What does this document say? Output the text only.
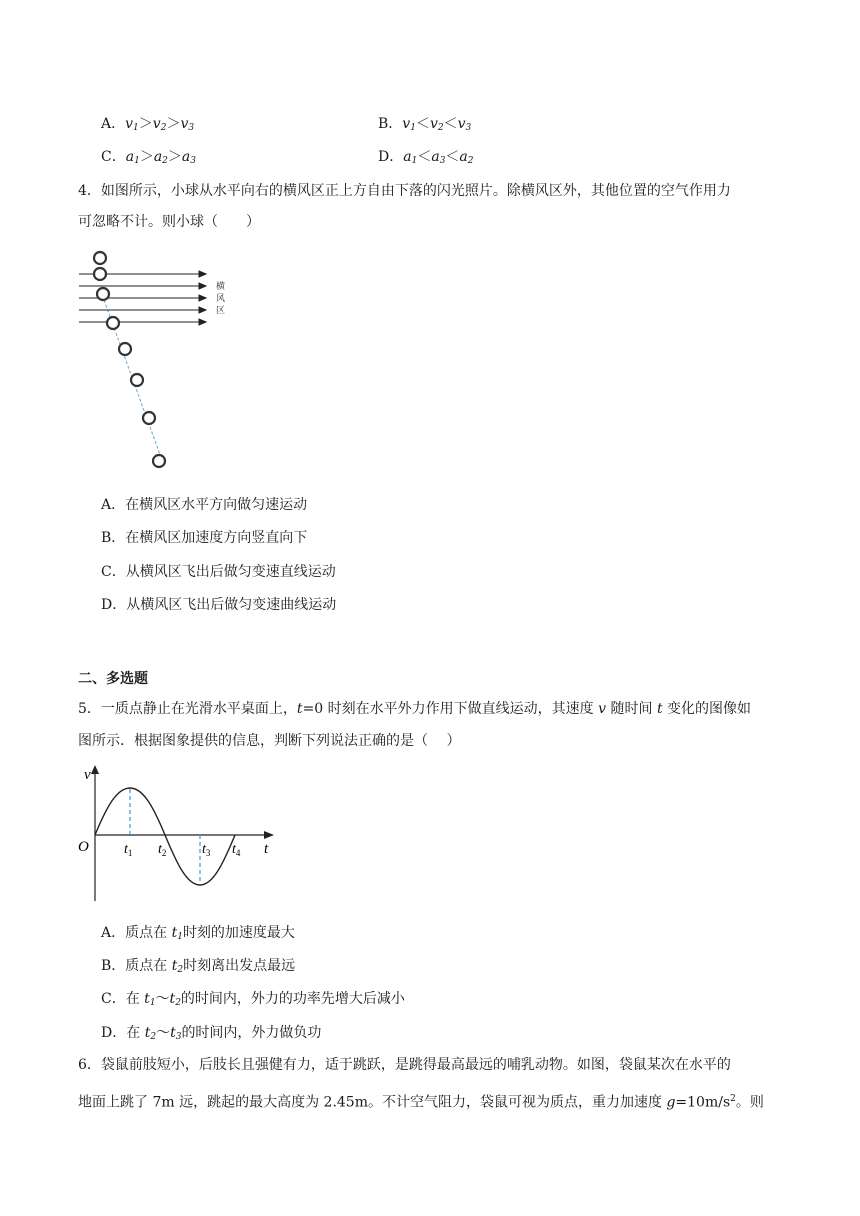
A．$v_1>v_2>v_3$	B．$v_1<v_2<v_3$
C．$a_1>a_2>a_3$	D．$a_1<a_3<a_2$
4．如图所示，小球从水平向右的横风区正上方自由下落的闪光照片。除横风区外，其他位置的空气作用力
可忽略不计。则小球（　　）
横
风
区
A．在横风区水平方向做匀速运动
B．在横风区加速度方向竖直向下
C．从横风区飞出后做匀变速直线运动
D．从横风区飞出后做匀变速曲线运动
二、多选题
5．一质点静止在光滑水平桌面上，t=0 时刻在水平外力作用下做直线运动，其速度 v 随时间 t 变化的图像如
图所示．根据图象提供的信息，判断下列说法正确的是（　 ）
v
t
O	$t_1$ $t_2$	$t_3$ $t_4$
A．质点在 $t_1$时刻的加速度最大
B．质点在 $t_2$时刻离出发点最远
C．在 $t_1\sim t_2$的时间内，外力的功率先增大后减小
D．在 $t_2\sim t_3$的时间内，外力做负功
6．袋鼠前肢短小，后肢长且强健有力，适于跳跃，是跳得最高最远的哺乳动物。如图，袋鼠某次在水平的
地面上跳了 7m 远，跳起的最大高度为 2.45m。不计空气阻力，袋鼠可视为质点，重力加速度 $g=10m/s^2$。则
